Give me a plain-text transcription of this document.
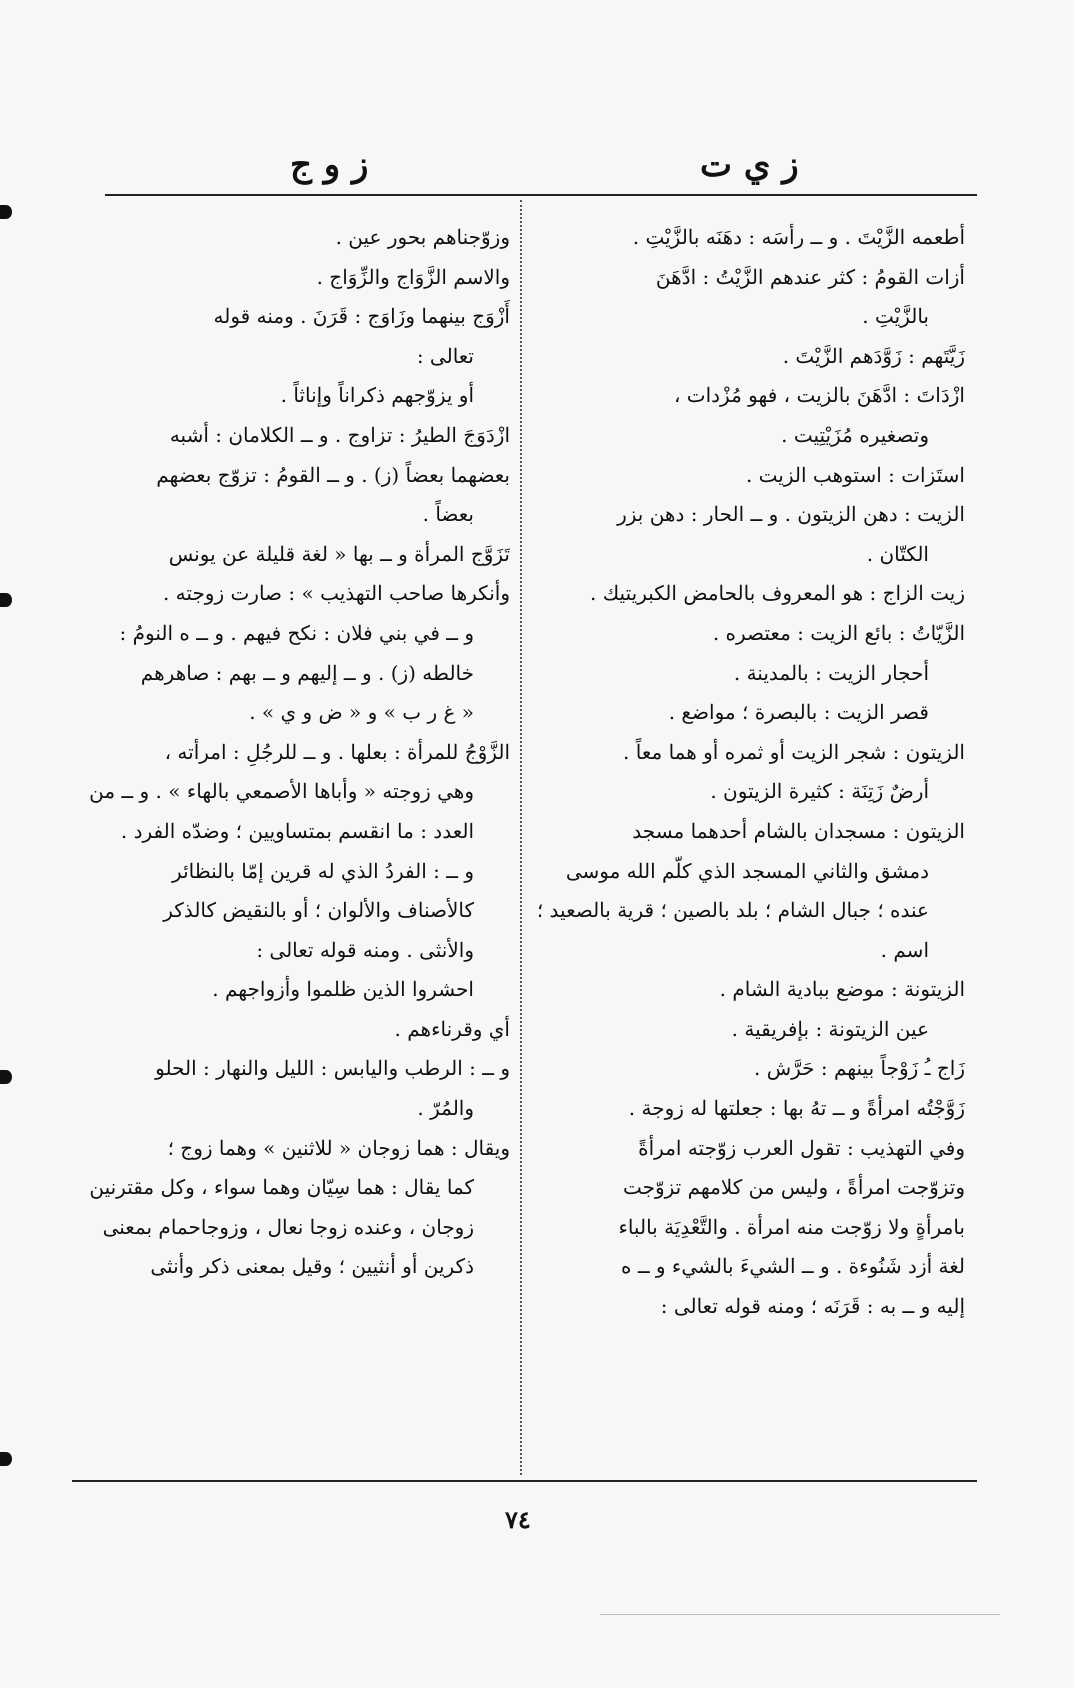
ز ي ت
ز و ج
أطعمه الزَّيْتَ . و ــ رأسَه : دهَنَه بالزَّيْتِ .
أزات القومُ : كثر عندهم الزَّيْتُ : ادَّهَنَ
بالزَّيْتِ .
زَيَّتَهم : زَوَّدَهم الزَّيْتَ .
ازْدَاتَ : ادَّهَنَ بالزيت ، فهو مُزْدات ،
وتصغيره مُزَيْتِيت .
استَزات : استوهب الزيت .
الزيت : دهن الزيتون . و ــ الحار : دهن بزر
الكتّان .
زيت الزاج : هو المعروف بالحامض الكبريتيك .
الزَّيّاتُ : بائع الزيت : معتصره .
أحجار الزيت : بالمدينة .
قصر الزيت : بالبصرة ؛ مواضع .
الزيتون : شجر الزيت أو ثمره أو هما معاً .
أرضٌ زَتِنَة : كثيرة الزيتون .
الزيتون : مسجدان بالشام أحدهما مسجد
دمشق والثاني المسجد الذي كلّم الله موسى
عنده ؛ جبال الشام ؛ بلد بالصين ؛ قرية بالصعيد ؛
اسم .
الزيتونة : موضع ببادية الشام .
عين الزيتونة : بإفريقية .
زَاج ـُ زَوْجاً بينهم : حَرَّش .
زَوَّجْتُه امرأةً و ــ تهُ بها : جعلتها له زوجة .
وفي التهذيب : تقول العرب زوّجته امرأةً
وتزوّجت امرأةً ، وليس من كلامهم تزوّجت
بامرأةٍ ولا زوّجت منه امرأة . والتَّعْدِيَة بالباء
لغة أزد شَنُوءة . و ــ الشيءَ بالشيء و ــ ه
إليه و ــ به : قَرَنَه ؛ ومنه قوله تعالى :
وزوّجناهم بحور عين .
والاسم الزَّوَاج والزِّوَاج .
أَزْوَج بينهما وزَاوَج : قَرَنَ . ومنه قوله
تعالى :
أو يزوّجهم ذكراناً وإناثاً .
ازْدَوَجَ الطيرُ : تزاوج . و ــ الكلامان : أشبه
بعضهما بعضاً (ز) . و ــ القومُ : تزوّج بعضهم
بعضاً .
تَزَوَّج المرأة و ــ بها « لغة قليلة عن يونس
وأنكرها صاحب التهذيب » : صارت زوجته .
و ــ في بني فلان : نكح فيهم . و ــ ه النومُ :
خالطه (ز) . و ــ إليهم و ــ بهم : صاهرهم
« غ ر ب » و « ض و ي » .
الزَّوْجُ للمرأة : بعلها . و ــ للرجُلِ : امرأته ،
وهي زوجته « وأباها الأصمعي بالهاء » . و ــ من
العدد : ما انقسم بمتساويين ؛ وضدّه الفرد .
و ــ : الفردُ الذي له قرين إمّا بالنظائر
كالأصناف والألوان ؛ أو بالنقيض كالذكر
والأنثى . ومنه قوله تعالى :
احشروا الذين ظلموا وأزواجهم .
أي وقرناءهم .
و ــ : الرطب واليابس : الليل والنهار : الحلو
والمُرّ .
ويقال : هما زوجان « للاثنين » وهما زوج ؛
كما يقال : هما سِيّان وهما سواء ، وكل مقترنين
زوجان ، وعنده زوجا نعال ، وزوجاحمام بمعنى
ذكرين أو أنثيين ؛ وقيل بمعنى ذكر وأنثى
٧٤
